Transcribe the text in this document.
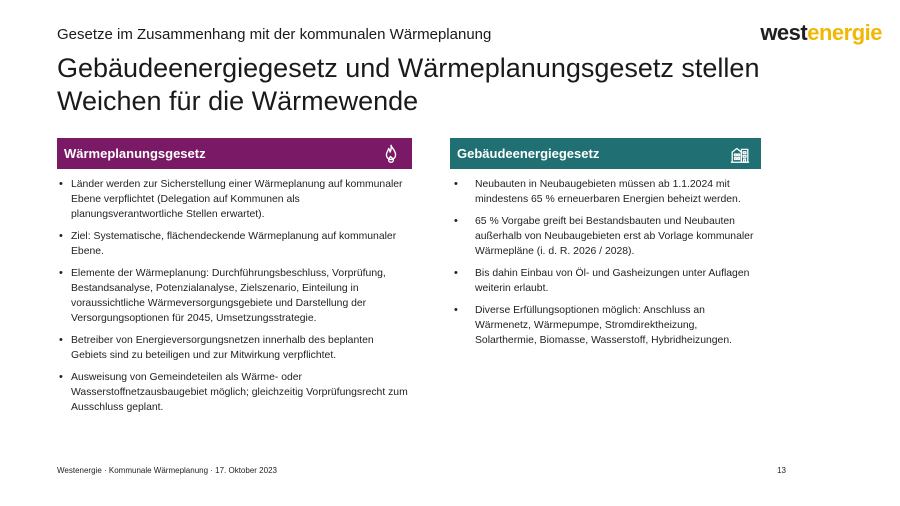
Gesetze im Zusammenhang mit der kommunalen Wärmeplanung
Gebäudeenergiegesetz und Wärmeplanungsgesetz stellen Weichen für die Wärmewende
westenergie
Wärmeplanungsgesetz
• Länder werden zur Sicherstellung einer Wärmeplanung auf kommunaler Ebene verpflichtet (Delegation auf Kommunen als planungsverantwortliche Stellen erwartet).
• Ziel: Systematische, flächendeckende Wärmeplanung auf kommunaler Ebene.
• Elemente der Wärmeplanung: Durchführungsbeschluss, Vorprüfung, Bestandsanalyse, Potenzialanalyse, Zielszenario, Einteilung in voraussichtliche Wärmeversorgungsgebiete und Darstellung der Versorgungsoptionen für 2045, Umsetzungsstrategie.
• Betreiber von Energieversorgungsnetzen innerhalb des beplanten Gebiets sind zu beteiligen und zur Mitwirkung verpflichtet.
• Ausweisung von Gemeindeteilen als Wärme- oder Wasserstoffnetzausbaugebiet möglich; gleichzeitig Vorprüfungsrecht zum Ausschluss geplant.
Gebäudeenergiegesetz
• Neubauten in Neubaugebieten müssen ab 1.1.2024 mit mindestens 65 % erneuerbaren Energien beheizt werden.
• 65 % Vorgabe greift bei Bestandsbauten und Neubauten außerhalb von Neubaugebieten erst ab Vorlage kommunaler Wärmepläne (i. d. R. 2026 / 2028).
• Bis dahin Einbau von Öl- und Gasheizungen unter Auflagen weiterin erlaubt.
• Diverse Erfüllungsoptionen möglich: Anschluss an Wärmenetz, Wärmepumpe, Stromdirektheizung, Solarthermie, Biomasse, Wasserstoff, Hybridheizungen.
Westenergie · Kommunale Wärmeplanung · 17. Oktober 2023	13
